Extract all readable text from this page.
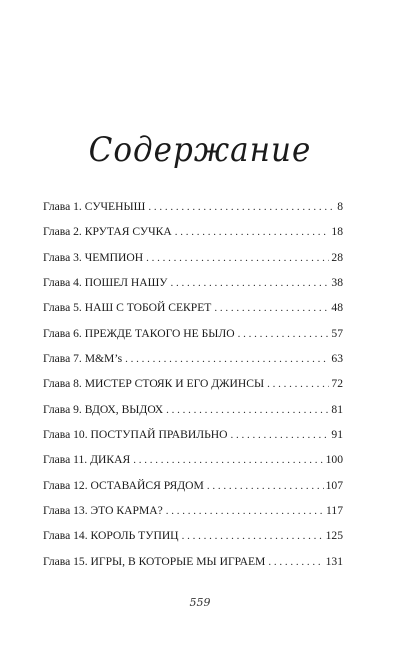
Содержание
Глава 1. СУЧЕНЫШ . . .	8
Глава 2. КРУТАЯ СУЧКА . . .	18
Глава 3. ЧЕМПИОН . . .	28
Глава 4. ПОШЕЛ НАШУ . . .	38
Глава 5. НАШ С ТОБОЙ СЕКРЕТ . . .	48
Глава 6. ПРЕЖДЕ ТАКОГО НЕ БЫЛО . . .	57
Глава 7. M&M’s . . .	63
Глава 8. МИСТЕР СТОЯК И ЕГО ДЖИНСЫ . . .	72
Глава 9. ВДОХ, ВЫДОХ . . .	81
Глава 10. ПОСТУПАЙ ПРАВИЛЬНО . . .	91
Глава 11. ДИКАЯ . . .	100
Глава 12. ОСТАВАЙСЯ РЯДОМ . . .	107
Глава 13. ЭТО КАРМА? . . .	117
Глава 14. КОРОЛЬ ТУПИЦ . . .	125
Глава 15. ИГРЫ, В КОТОРЫЕ МЫ ИГРАЕМ . . .	131
559
